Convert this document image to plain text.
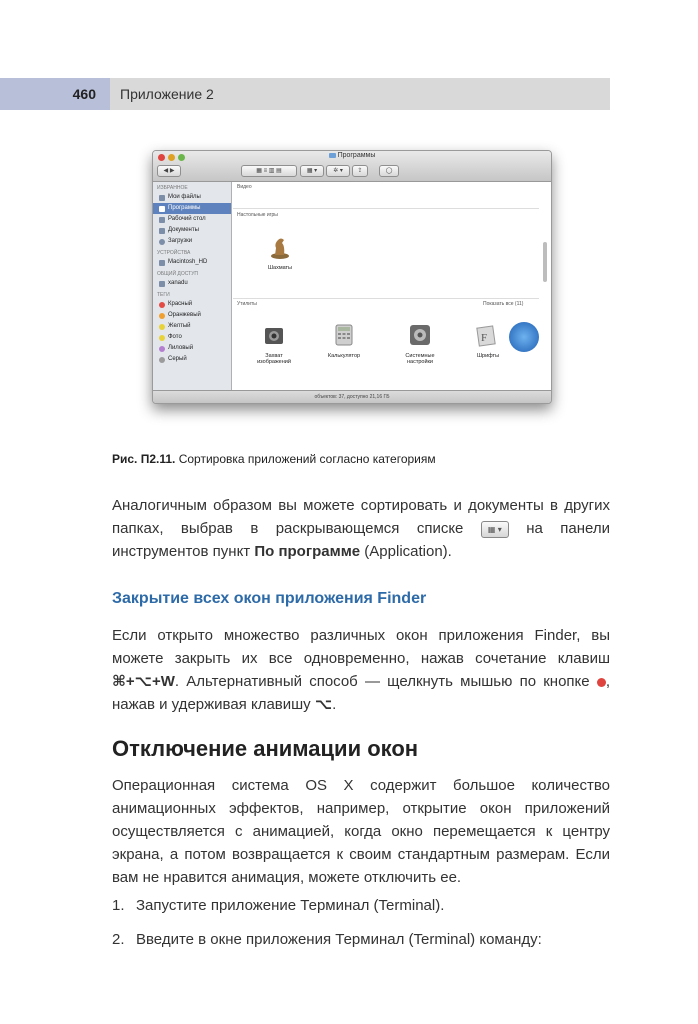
460	Приложение 2
Программы
◀ ▶	▦ ≡ ▥ ▤	▦ ▾	✲ ▾	⇪	◯
ИЗБРАННОЕ
Мои файлы
Программы
Рабочий стол
Документы
Загрузки
УСТРОЙСТВА
Macintosh_HD
ОБЩИЙ ДОСТУП
xanadu
ТЕГИ
Красный
Оранжевый
Желтый
Фото
Лиловый
Серый
Видео
Настольные игры
Шахматы
Утилиты	Показать все (11)
Захват
изображений
Калькулятор	Системные
настройки
F
Шрифты
объектов: 37, доступно 21,16 ГБ
Рис. П2.11. Сортировка приложений согласно категориям
Аналогичным образом вы можете сортировать и документы в других папках, выбрав в раскрывающемся списке ▦ ▾ на панели инструментов пункт По программе (Application).
Закрытие всех окон приложения Finder
Если открыто множество различных окон приложения Finder, вы можете закрыть их все одновременно, нажав сочетание клавиш ⌘+⌥+W. Альтернативный способ — щелкнуть мышью по кнопке , нажав и удерживая клавишу ⌥.
Отключение анимации окон
Операционная система OS X содержит большое количество анимационных эффектов, например, открытие окон приложений осуществляется с анимацией, когда окно перемещается к центру экрана, а потом возвращается к своим стандартным размерам. Если вам не нравится анимация, можете отключить ее.
1. Запустите приложение Терминал (Terminal).
2. Введите в окне приложения Терминал (Terminal) команду:
